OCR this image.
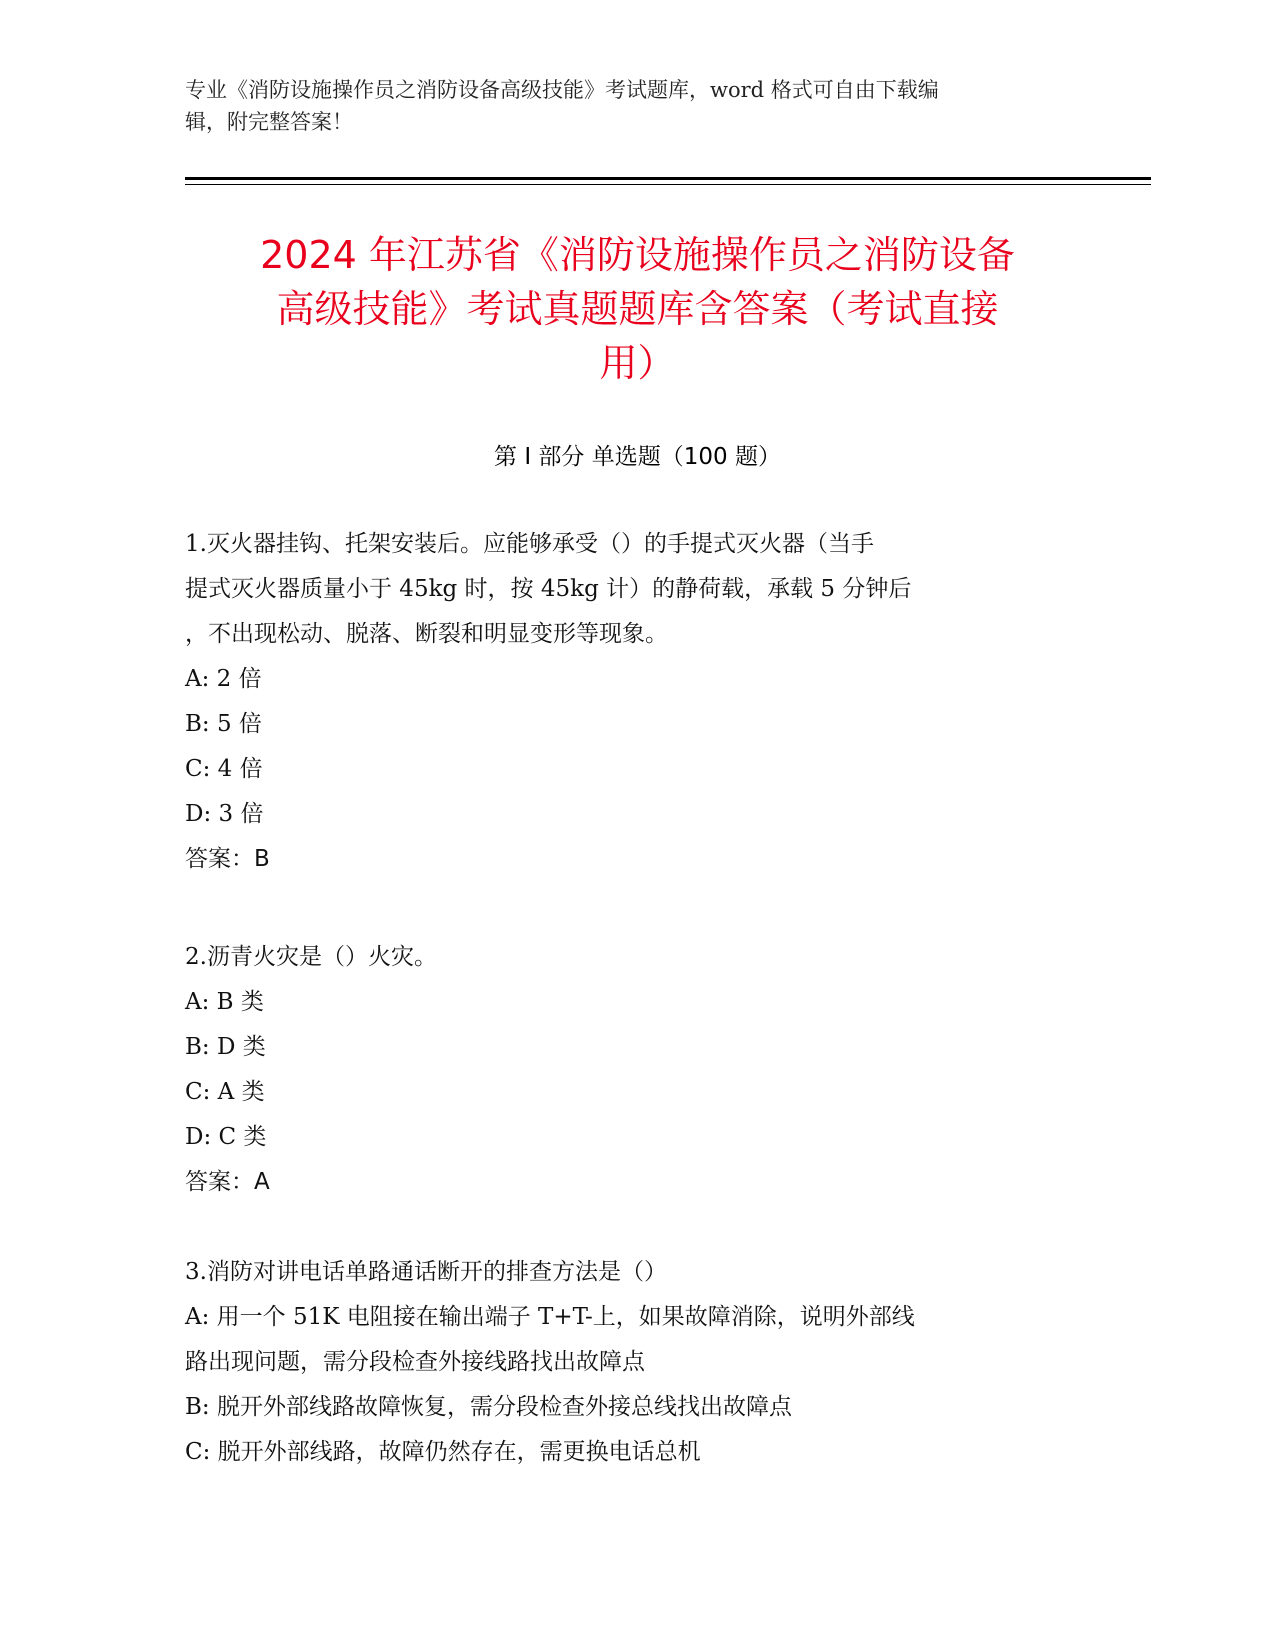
专业《消防设施操作员之消防设备高级技能》考试题库，word 格式可自由下载编
辑，附完整答案！
2024 年江苏省《消防设施操作员之消防设备
高级技能》考试真题题库含答案（考试直接
用）
第 I 部分 单选题（100 题）
1.灭火器挂钩、托架安装后。应能够承受（）的手提式灭火器（当手
提式灭火器质量小于 45kg 时，按 45kg 计）的静荷载，承载 5 分钟后
，不出现松动、脱落、断裂和明显变形等现象。
A: 2 倍
B: 5 倍
C: 4 倍
D: 3 倍
答案：B
2.沥青火灾是（）火灾。
A: B 类
B: D 类
C: A 类
D: C 类
答案：A
3.消防对讲电话单路通话断开的排查方法是（）
A: 用一个 51K 电阻接在输出端子 T+T-上，如果故障消除，说明外部线
路出现问题，需分段检查外接线路找出故障点
B: 脱开外部线路故障恢复，需分段检查外接总线找出故障点
C: 脱开外部线路，故障仍然存在，需更换电话总机
